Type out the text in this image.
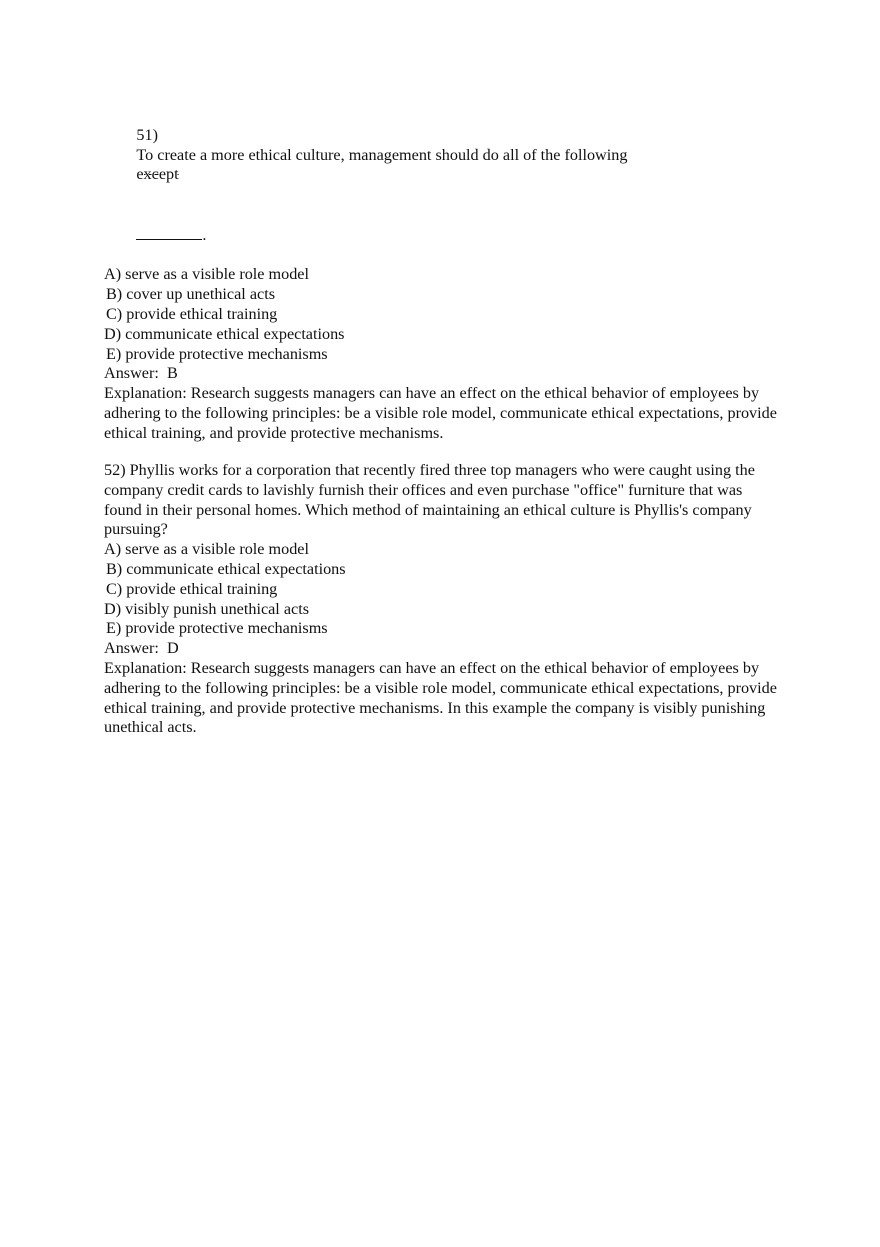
51)
To create a more ethical culture, management should do all of the following
except

.

A) serve as a visible role model
B) cover up unethical acts
C) provide ethical training
D) communicate ethical expectations
E) provide protective mechanisms
Answer: B
Explanation: Research suggests managers can have an effect on the ethical behavior of employees by adhering to the following principles: be a visible role model, communicate ethical expectations, provide ethical training, and provide protective mechanisms.
52) Phyllis works for a corporation that recently fired three top managers who were caught using the company credit cards to lavishly furnish their offices and even purchase "office" furniture that was found in their personal homes. Which method of maintaining an ethical culture is Phyllis's company pursuing?
A) serve as a visible role model
B) communicate ethical expectations
C) provide ethical training
D) visibly punish unethical acts
E) provide protective mechanisms
Answer: D
Explanation: Research suggests managers can have an effect on the ethical behavior of employees by adhering to the following principles: be a visible role model, communicate ethical expectations, provide ethical training, and provide protective mechanisms. In this example the company is visibly punishing unethical acts.
